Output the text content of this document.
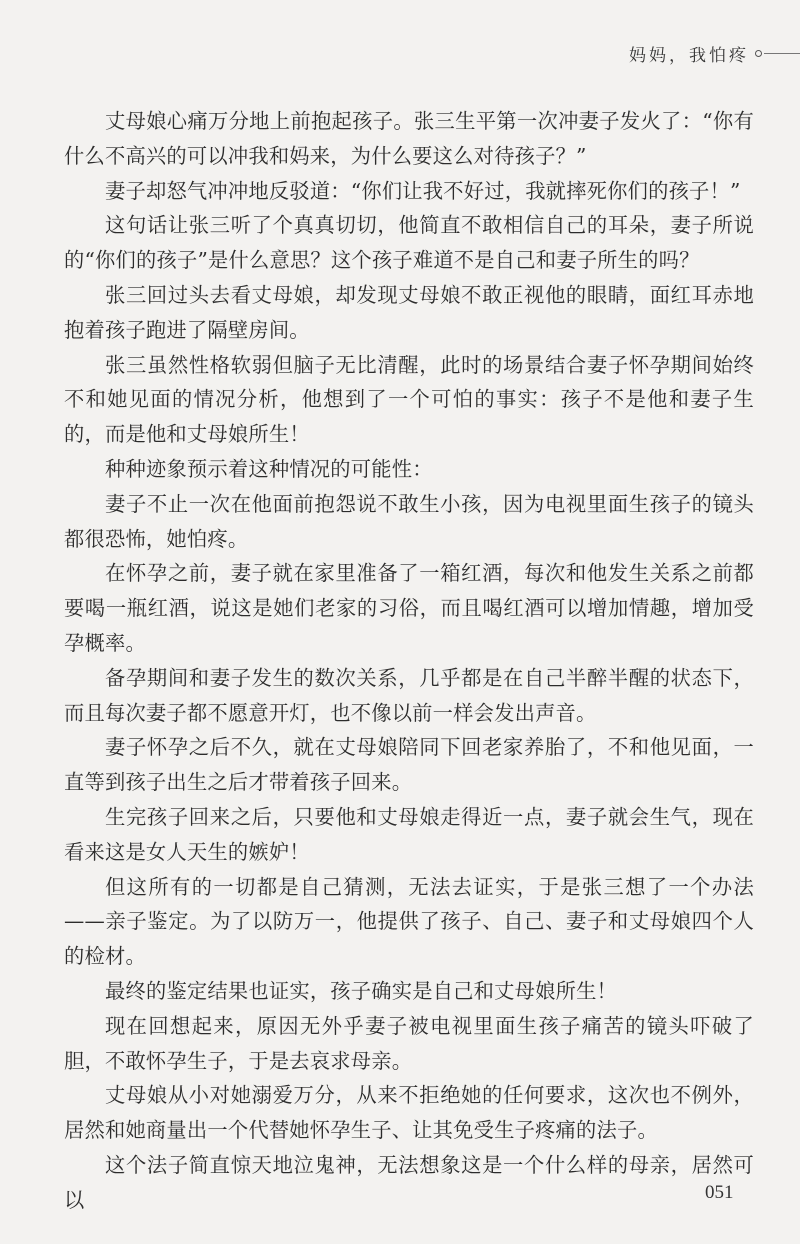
妈妈，我怕疼

丈母娘心痛万分地上前抱起孩子。张三生平第一次冲妻子发火了：“你有什么不高兴的可以冲我和妈来，为什么要这么对待孩子？”

妻子却怒气冲冲地反驳道：“你们让我不好过，我就摔死你们的孩子！”

这句话让张三听了个真真切切，他简直不敢相信自己的耳朵，妻子所说的“你们的孩子”是什么意思？这个孩子难道不是自己和妻子所生的吗？

张三回过头去看丈母娘，却发现丈母娘不敢正视他的眼睛，面红耳赤地抱着孩子跑进了隔壁房间。

张三虽然性格软弱但脑子无比清醒，此时的场景结合妻子怀孕期间始终不和她见面的情况分析，他想到了一个可怕的事实：孩子不是他和妻子生的，而是他和丈母娘所生！

种种迹象预示着这种情况的可能性：

妻子不止一次在他面前抱怨说不敢生小孩，因为电视里面生孩子的镜头都很恐怖，她怕疼。

在怀孕之前，妻子就在家里准备了一箱红酒，每次和他发生关系之前都要喝一瓶红酒，说这是她们老家的习俗，而且喝红酒可以增加情趣，增加受孕概率。

备孕期间和妻子发生的数次关系，几乎都是在自己半醉半醒的状态下，而且每次妻子都不愿意开灯，也不像以前一样会发出声音。

妻子怀孕之后不久，就在丈母娘陪同下回老家养胎了，不和他见面，一直等到孩子出生之后才带着孩子回来。

生完孩子回来之后，只要他和丈母娘走得近一点，妻子就会生气，现在看来这是女人天生的嫉妒！

但这所有的一切都是自己猜测，无法去证实，于是张三想了一个办法——亲子鉴定。为了以防万一，他提供了孩子、自己、妻子和丈母娘四个人的检材。

最终的鉴定结果也证实，孩子确实是自己和丈母娘所生！

现在回想起来，原因无外乎妻子被电视里面生孩子痛苦的镜头吓破了胆，不敢怀孕生子，于是去哀求母亲。

丈母娘从小对她溺爱万分，从来不拒绝她的任何要求，这次也不例外，居然和她商量出一个代替她怀孕生子、让其免受生子疼痛的法子。

这个法子简直惊天地泣鬼神，无法想象这是一个什么样的母亲，居然可以	051
